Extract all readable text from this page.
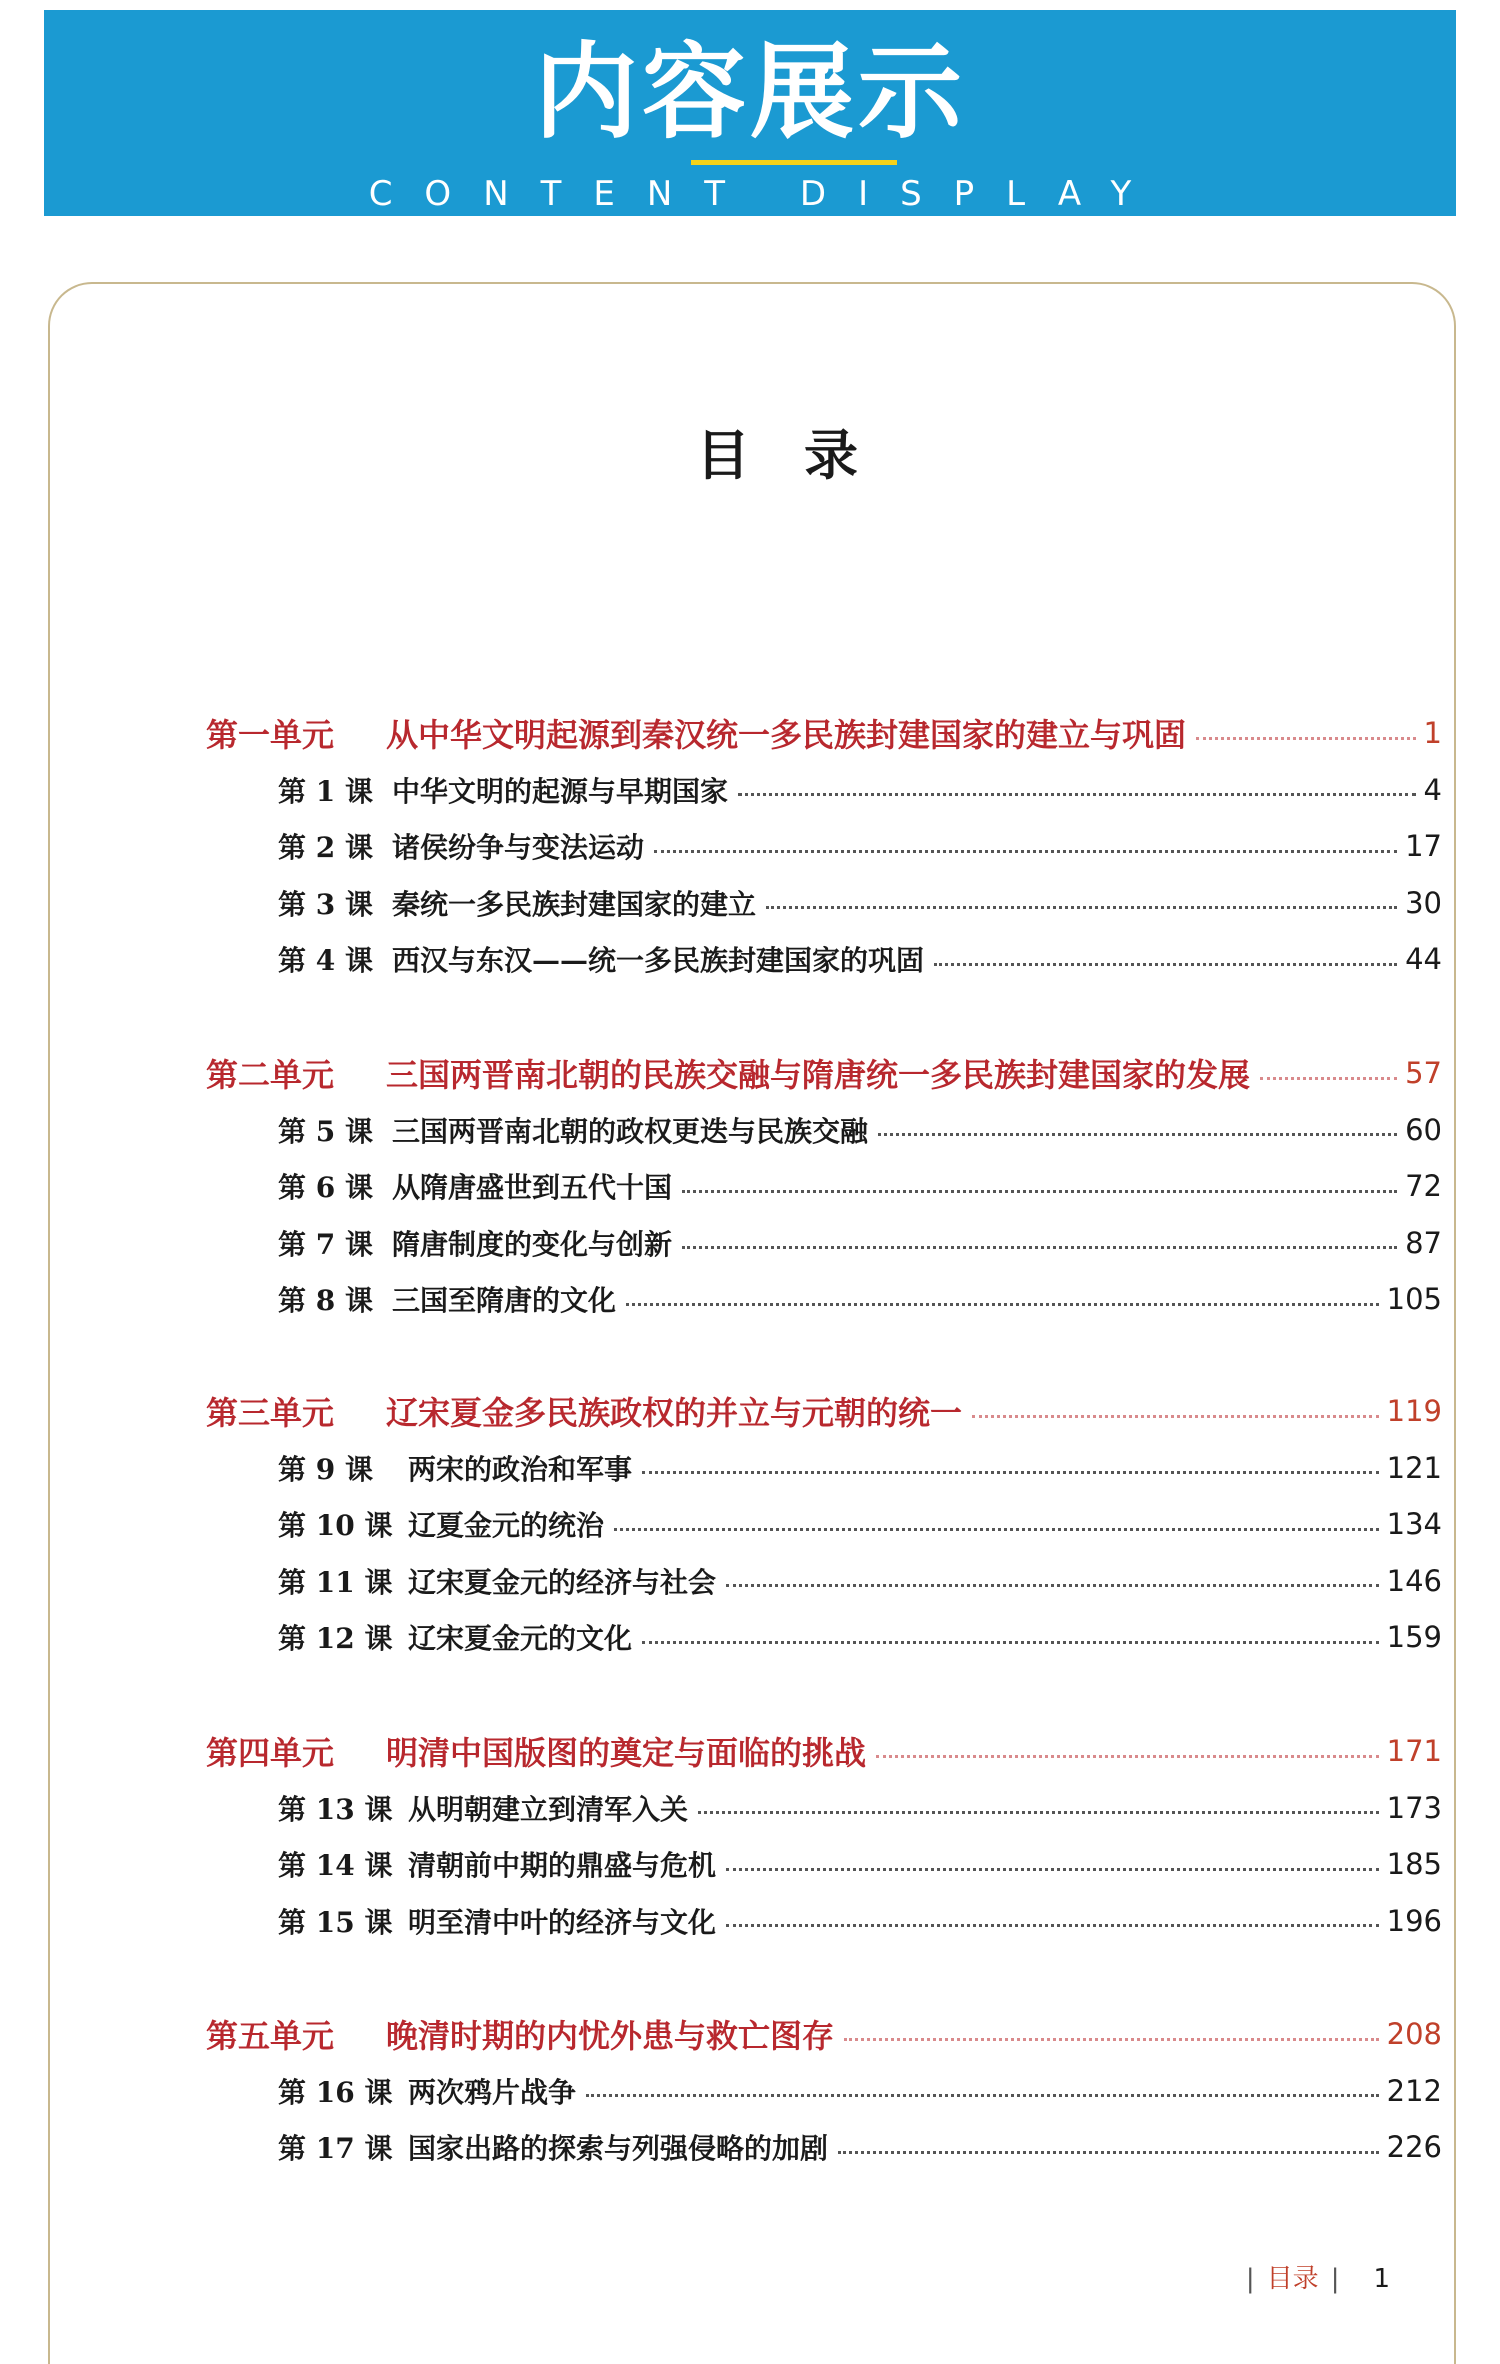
内容展示
CONTENT DISPLAY
目录
第一单元	从中华文明起源到秦汉统一多民族封建国家的建立与巩固	1
第 1 课 中华文明的起源与早期国家	4
第 2 课 诸侯纷争与变法运动	17
第 3 课 秦统一多民族封建国家的建立	30
第 4 课 西汉与东汉——统一多民族封建国家的巩固	44
第二单元	三国两晋南北朝的民族交融与隋唐统一多民族封建国家的发展	57
第 5 课 三国两晋南北朝的政权更迭与民族交融	60
第 6 课 从隋唐盛世到五代十国	72
第 7 课 隋唐制度的变化与创新	87
第 8 课 三国至隋唐的文化	105
第三单元	辽宋夏金多民族政权的并立与元朝的统一	119
第 9 课	两宋的政治和军事	121
第 10 课 辽夏金元的统治	134
第 11 课 辽宋夏金元的经济与社会	146
第 12 课 辽宋夏金元的文化	159
第四单元	明清中国版图的奠定与面临的挑战	171
第 13 课 从明朝建立到清军入关	173
第 14 课 清朝前中期的鼎盛与危机	185
第 15 课 明至清中叶的经济与文化	196
第五单元	晚清时期的内忧外患与救亡图存	208
第 16 课 两次鸦片战争	212
第 17 课 国家出路的探索与列强侵略的加剧	226
| 目录 | 1
